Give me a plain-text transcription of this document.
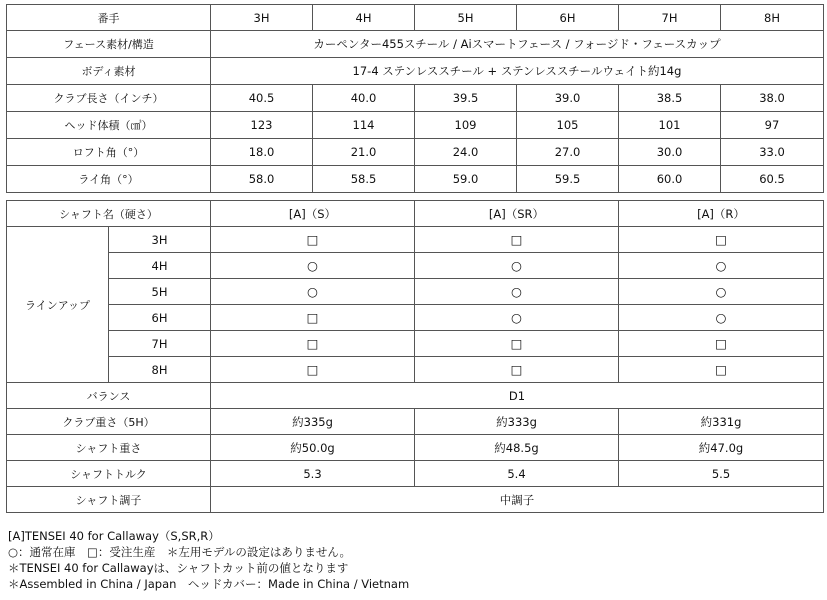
番手	3H	4H	5H	6H	7H	8H
フェース素材/構造	カーペンター455スチール / Aiスマートフェース / フォージド・フェースカップ					
ボディ素材	17-4 ステンレススチール + ステンレススチールウェイト約14g					
クラブ長さ（インチ）	40.5	40.0	39.5	39.0	38.5	38.0
ヘッド体積（㎤）	123	114	109	105	101	97
ロフト角（°）	18.0	21.0	24.0	27.0	30.0	33.0
ライ角（°）	58.0	58.5	59.0	59.5	60.0	60.5
シャフト名（硬さ）		[A]（S）	[A]（SR）	[A]（R）
ラインアップ	3H	□	□	□
	4H	○	○	○
	5H	○	○	○
	6H	□	○	○
	7H	□	□	□
	8H	□	□	□
バランス		D1		
クラブ重さ（5H）		約335g	約333g	約331g
シャフト重さ		約50.0g	約48.5g	約47.0g
シャフトトルク		5.3	5.4	5.5
シャフト調子		中調子		
[A]TENSEI 40 for Callaway（S,SR,R）
○：通常在庫　□：受注生産　＊左用モデルの設定はありません。
＊TENSEI 40 for Callawayは、シャフトカット前の値となります
＊Assembled in China / Japan　ヘッドカバー：Made in China / Vietnam
